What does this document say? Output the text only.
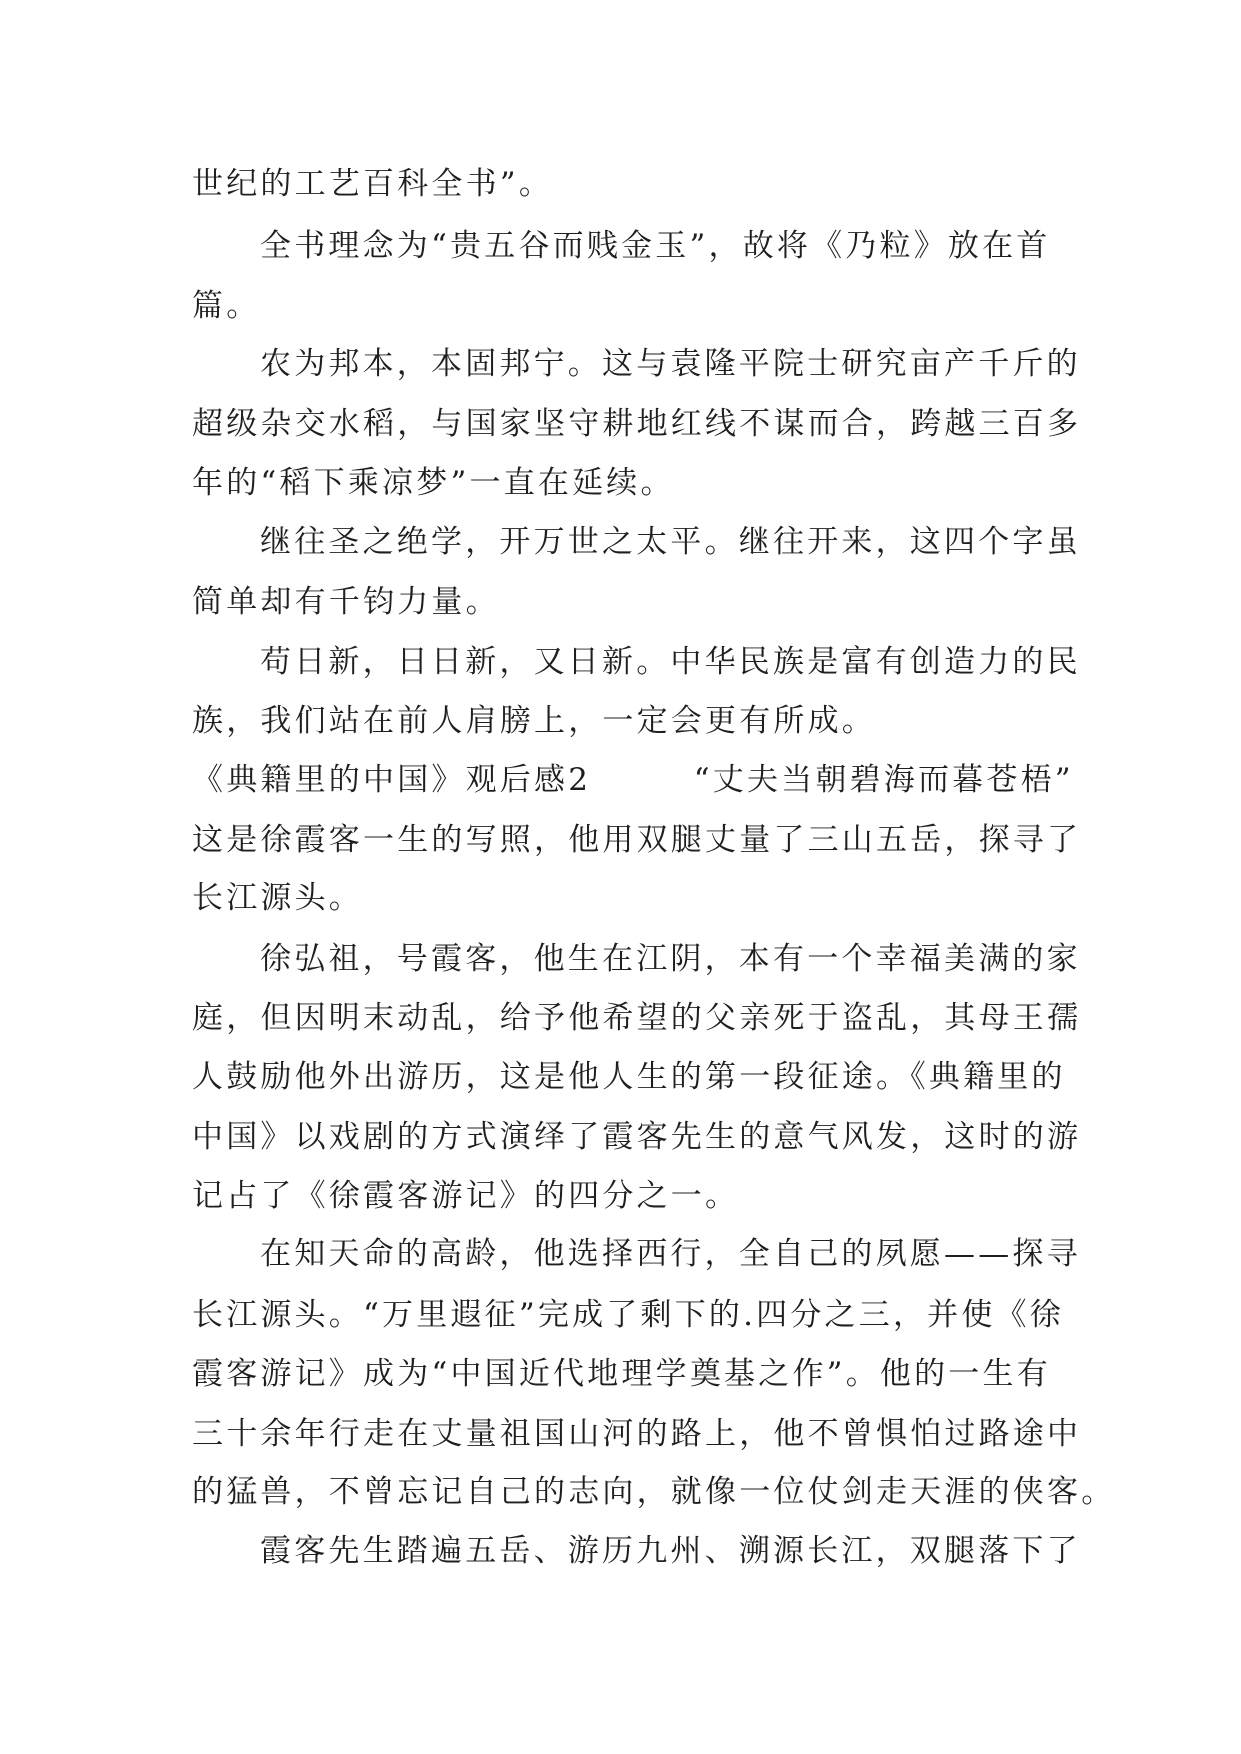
世纪的工艺百科全书”。
全书理念为“贵五谷而贱金玉”，故将《乃粒》放在首
篇。
农为邦本，本固邦宁。这与袁隆平院士研究亩产千斤的
超级杂交水稻，与国家坚守耕地红线不谋而合，跨越三百多
年的“稻下乘凉梦”一直在延续。
继往圣之绝学，开万世之太平。继往开来，这四个字虽
简单却有千钧力量。
苟日新，日日新，又日新。中华民族是富有创造力的民
族，我们站在前人肩膀上，一定会更有所成。
《典籍里的中国》观后感2　　　“丈夫当朝碧海而暮苍梧”
这是徐霞客一生的写照，他用双腿丈量了三山五岳，探寻了
长江源头。
徐弘祖，号霞客，他生在江阴，本有一个幸福美满的家
庭，但因明末动乱，给予他希望的父亲死于盗乱，其母王孺
人鼓励他外出游历，这是他人生的第一段征途。《典籍里的
中国》以戏剧的方式演绎了霞客先生的意气风发，这时的游
记占了《徐霞客游记》的四分之一。
在知天命的高龄，他选择西行，全自己的夙愿——探寻
长江源头。“万里遐征”完成了剩下的.四分之三，并使《徐
霞客游记》成为“中国近代地理学奠基之作”。他的一生有
三十余年行走在丈量祖国山河的路上，他不曾惧怕过路途中
的猛兽，不曾忘记自己的志向，就像一位仗剑走天涯的侠客。
霞客先生踏遍五岳、游历九州、溯源长江，双腿落下了
